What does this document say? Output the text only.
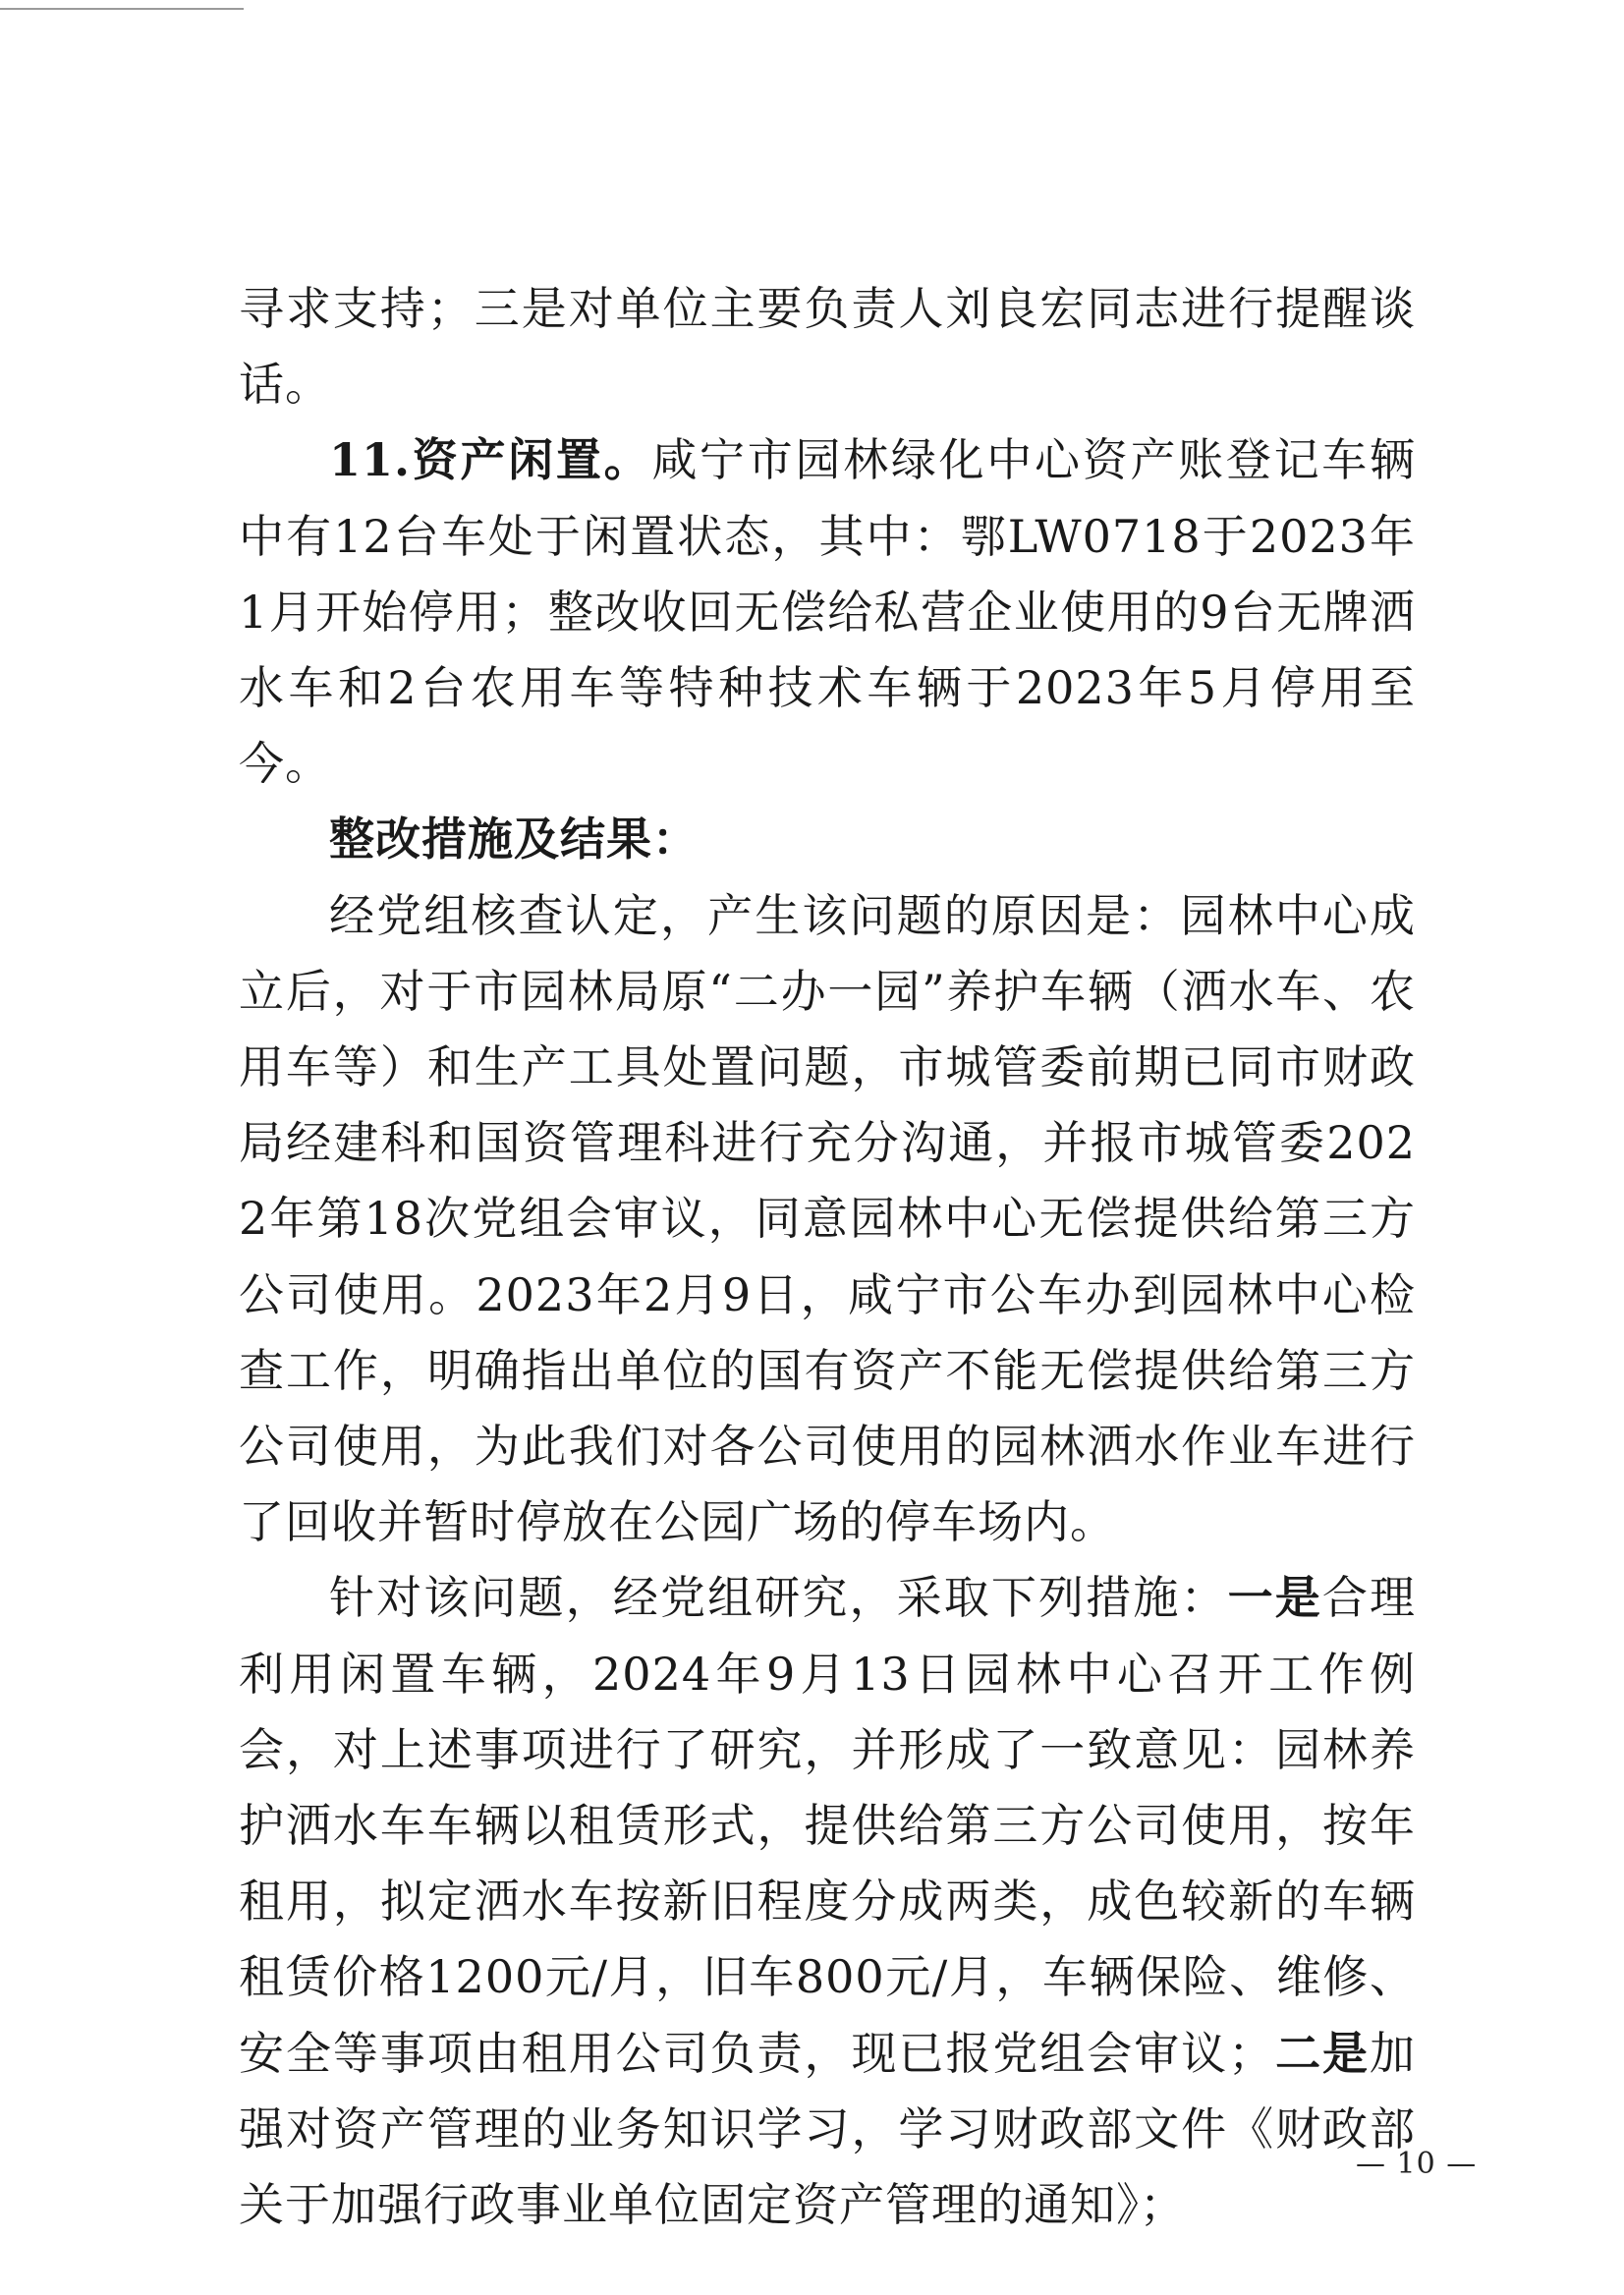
寻求支持；三是对单位主要负责人刘良宏同志进行提醒谈话。

11.资产闲置。咸宁市园林绿化中心资产账登记车辆中有12台车处于闲置状态，其中：鄂LW0718于2023年1月开始停用；整改收回无偿给私营企业使用的9台无牌洒水车和2台农用车等特种技术车辆于2023年5月停用至今。

整改措施及结果：

经党组核查认定，产生该问题的原因是：园林中心成立后，对于市园林局原“二办一园”养护车辆（洒水车、农用车等）和生产工具处置问题，市城管委前期已同市财政局经建科和国资管理科进行充分沟通，并报市城管委2022年第18次党组会审议，同意园林中心无偿提供给第三方公司使用。2023年2月9日，咸宁市公车办到园林中心检查工作，明确指出单位的国有资产不能无偿提供给第三方公司使用，为此我们对各公司使用的园林洒水作业车进行了回收并暂时停放在公园广场的停车场内。

针对该问题，经党组研究，采取下列措施：一是合理利用闲置车辆，2024年9月13日园林中心召开工作例会，对上述事项进行了研究，并形成了一致意见：园林养护洒水车车辆以租赁形式，提供给第三方公司使用，按年租用，拟定洒水车按新旧程度分成两类，成色较新的车辆租赁价格1200元/月，旧车800元/月，车辆保险、维修、安全等事项由租用公司负责，现已报党组会审议；二是加强对资产管理的业务知识学习，学习财政部文件《财政部关于加强行政事业单位固定资产管理的通知》；

— 10 —
